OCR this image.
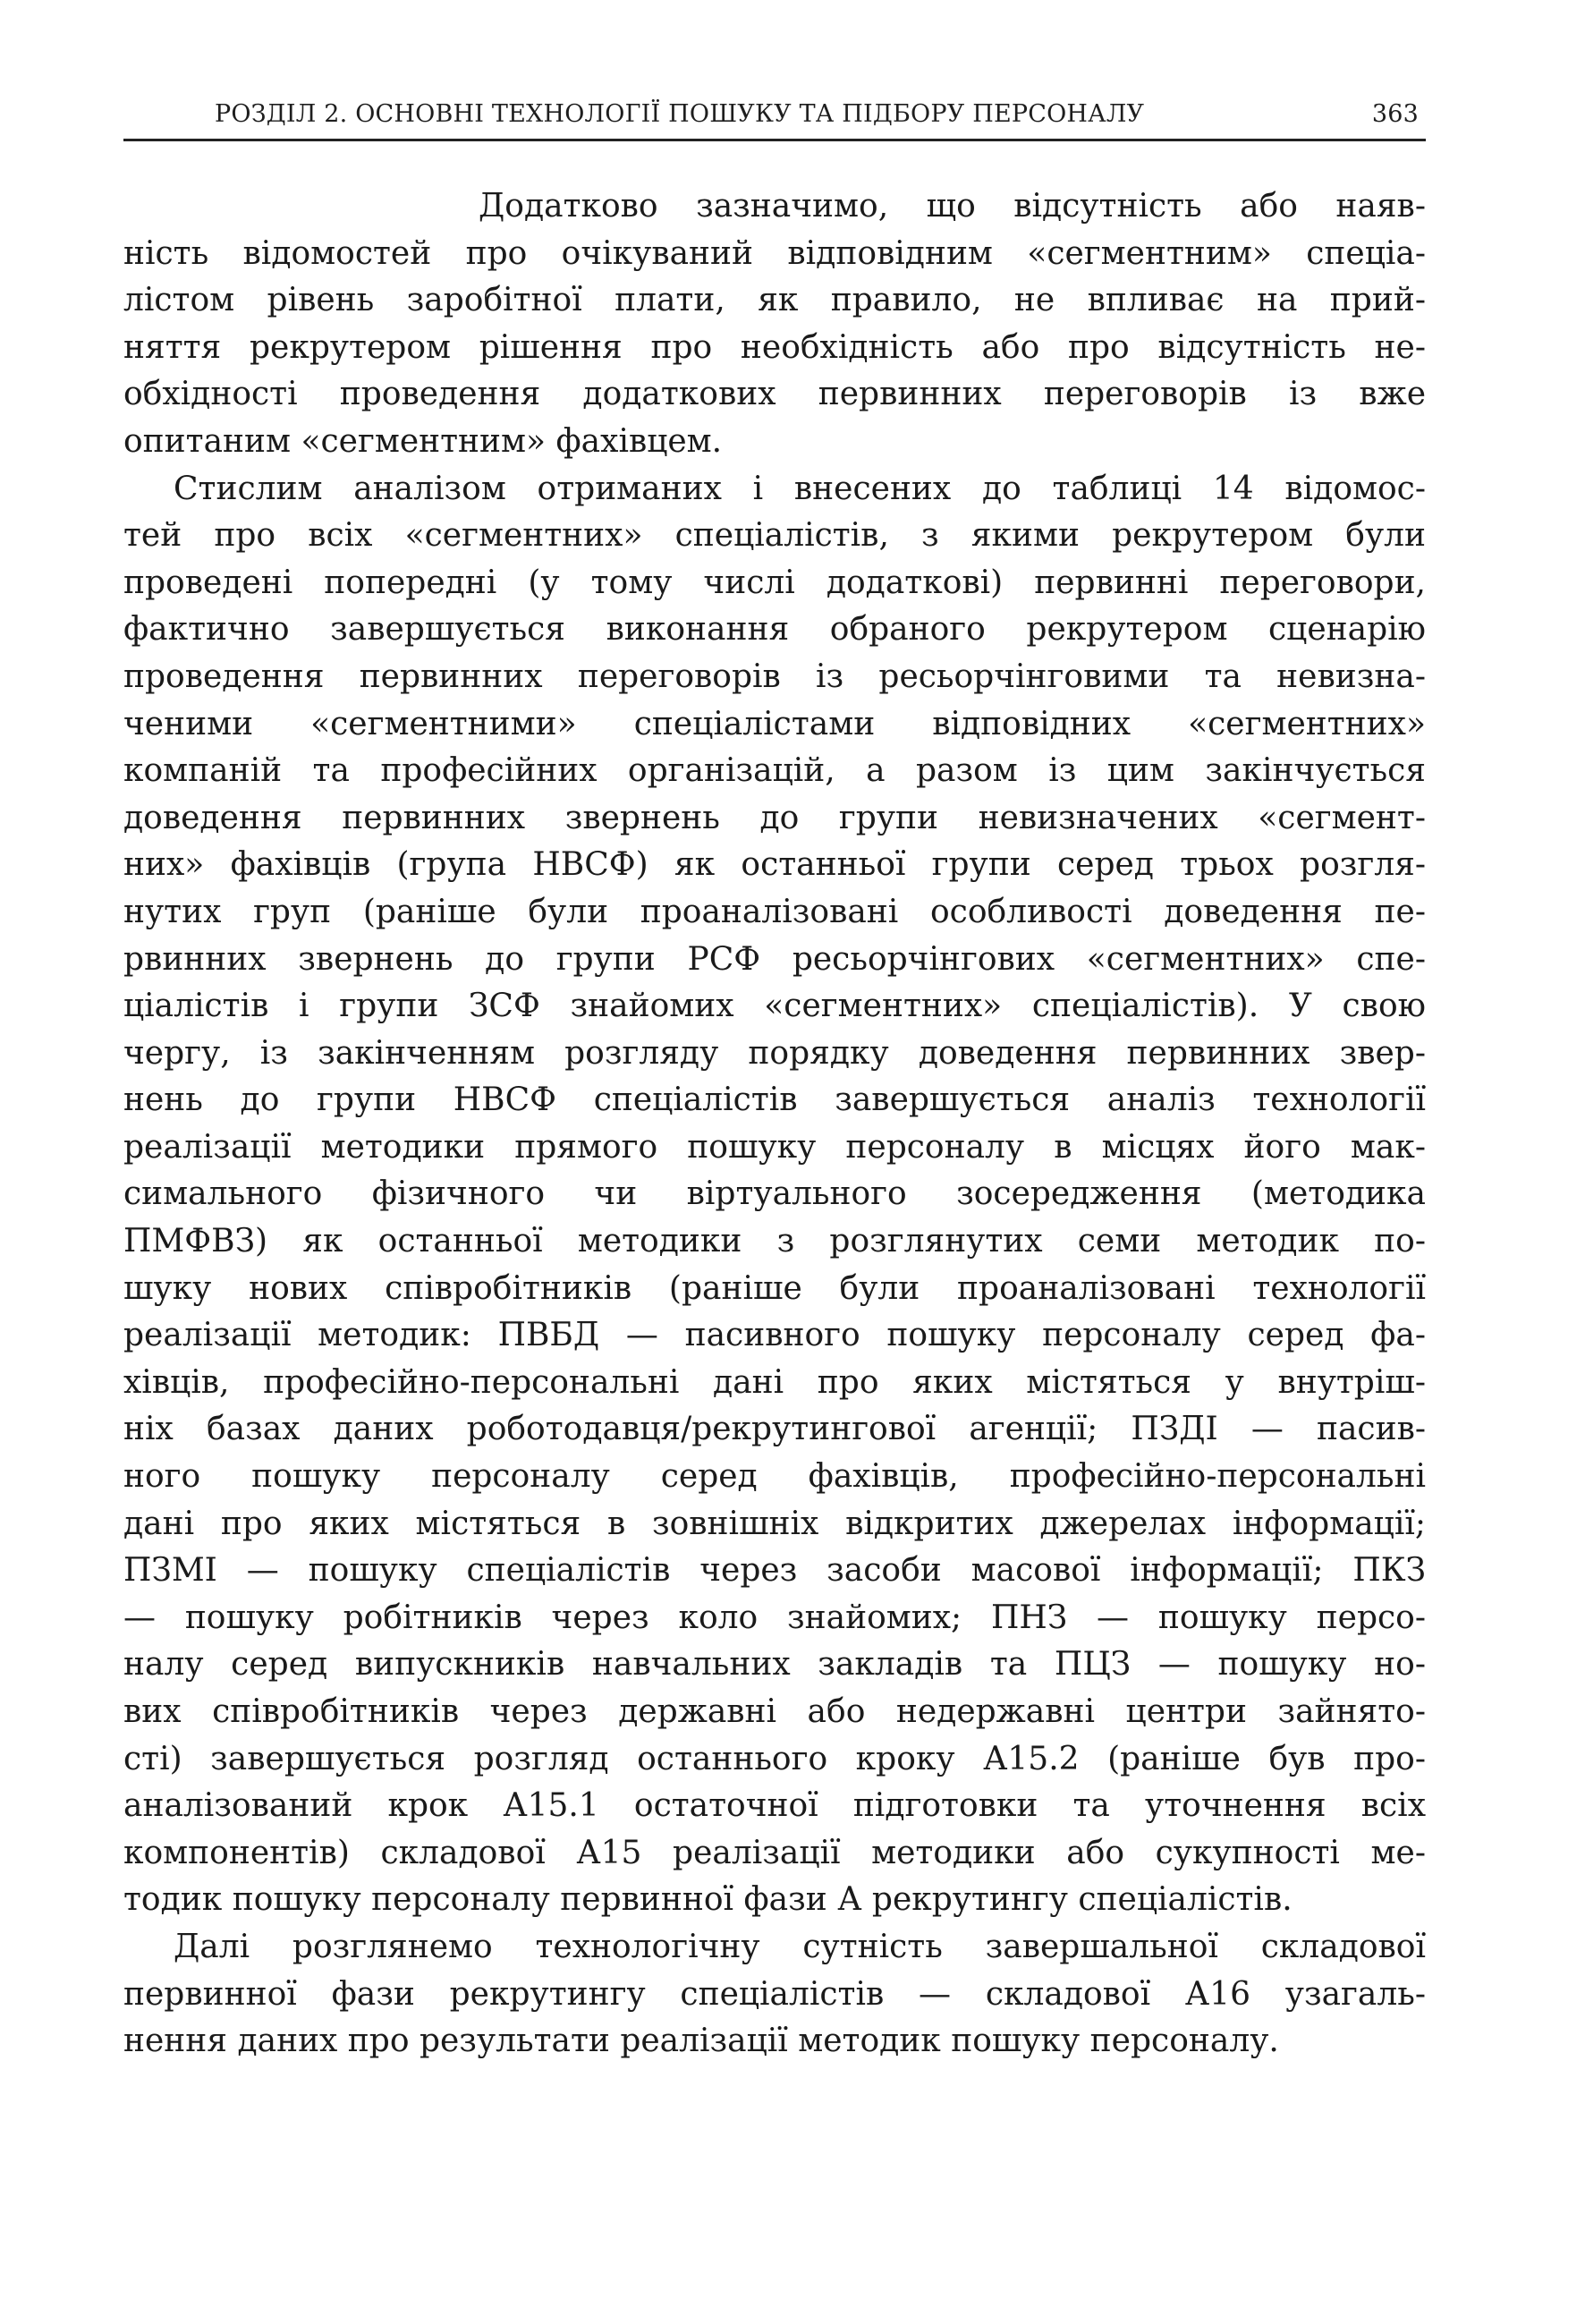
РОЗДІЛ 2. ОСНОВНІ ТЕХНОЛОГІЇ ПОШУКУ ТА ПІДБОРУ ПЕРСОНАЛУ	363

Додатково зазначимо, що відсутність або наяв-
ність відомостей про очікуваний відповідним «сегментним» спеціа-
лістом рівень заробітної плати, як правило, не впливає на прий-
няття рекрутером рішення про необхідність або про відсутність не-
обхідності проведення додаткових первинних переговорів із вже
опитаним «сегментним» фахівцем.

Стислим аналізом отриманих і внесених до таблиці 14 відомос-
тей про всіх «сегментних» спеціалістів, з якими рекрутером були
проведені попередні (у тому числі додаткові) первинні переговори,
фактично завершується виконання обраного рекрутером сценарію
проведення первинних переговорів із ресьорчінговими та невизна-
ченими «сегментними» спеціалістами відповідних «сегментних»
компаній та професійних організацій, а разом із цим закінчується
доведення первинних звернень до групи невизначених «сегмент-
них» фахівців (група НВСФ) як останньої групи серед трьох розгля-
нутих груп (раніше були проаналізовані особливості доведення пе-
рвинних звернень до групи РСФ ресьорчінгових «сегментних» спе-
ціалістів і групи ЗСФ знайомих «сегментних» спеціалістів). У свою
чергу, із закінченням розгляду порядку доведення первинних звер-
нень до групи НВСФ спеціалістів завершується аналіз технології
реалізації методики прямого пошуку персоналу в місцях його мак-
симального фізичного чи віртуального зосередження (методика
ПМФВЗ) як останньої методики з розглянутих семи методик по-
шуку нових співробітників (раніше були проаналізовані технології
реалізації методик: ПВБД — пасивного пошуку персоналу серед фа-
хівців, професійно-персональні дані про яких містяться у внутріш-
ніх базах даних роботодавця/рекрутингової агенції; ПЗДІ — пасив-
ного пошуку персоналу серед фахівців, професійно-персональні
дані про яких містяться в зовнішніх відкритих джерелах інформації;
ПЗМІ — пошуку спеціалістів через засоби масової інформації; ПКЗ
— пошуку робітників через коло знайомих; ПНЗ — пошуку персо-
налу серед випускників навчальних закладів та ПЦЗ — пошуку но-
вих співробітників через державні або недержавні центри зайнято-
сті) завершується розгляд останнього кроку А15.2 (раніше був про-
аналізований крок А15.1 остаточної підготовки та уточнення всіх
компонентів) складової А15 реалізації методики або сукупності ме-
тодик пошуку персоналу первинної фази А рекрутингу спеціалістів.

Далі розглянемо технологічну сутність завершальної складової
первинної фази рекрутингу спеціалістів — складової А16 узагаль-
нення даних про результати реалізації методик пошуку персоналу.
